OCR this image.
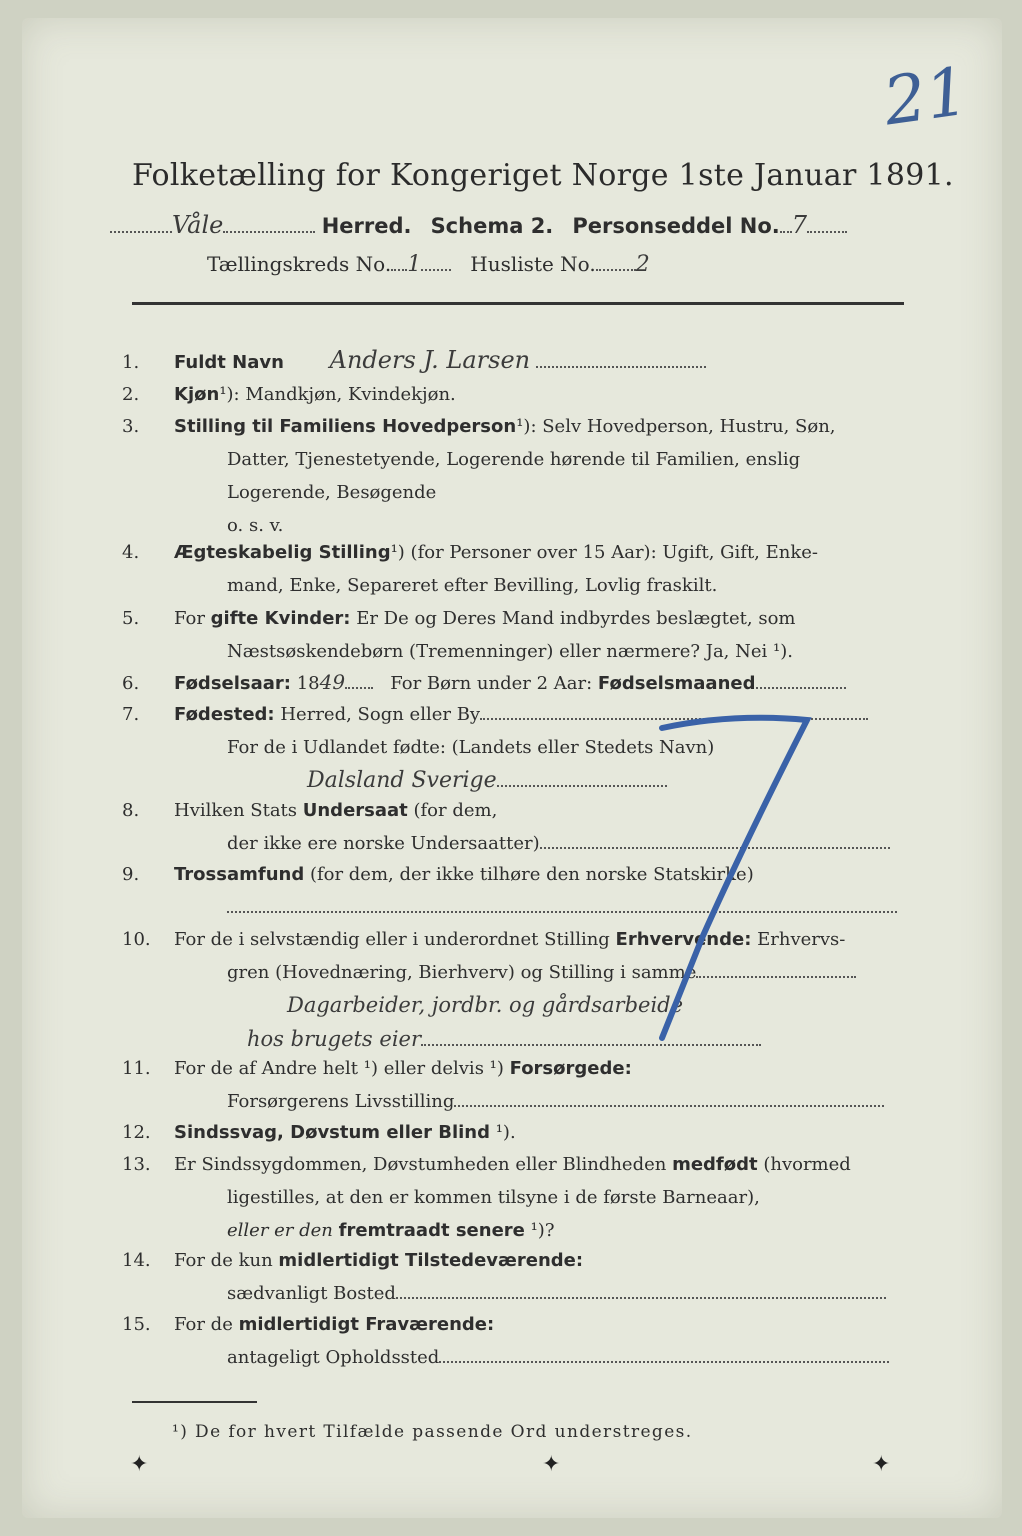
21
Folketælling for Kongeriget Norge 1ste Januar 1891.
Våle	Herred. Schema 2. Personseddel No. 7
Tællingskreds No. 1 Husliste No. 2
1. Fuldt Navn Anders J. Larsen
2. Kjøn¹): Mandkjøn, Kvindekjøn.
3. Stilling til Familiens Hovedperson¹): Selv Hovedperson, Hustru, Søn,
Datter, Tjenestetyende, Logerende hørende til Familien, enslig
Logerende, Besøgende
o. s. v.
4. Ægteskabelig Stilling¹) (for Personer over 15 Aar): Ugift, Gift, Enke-
mand, Enke, Separeret efter Bevilling, Lovlig fraskilt.
5. For gifte Kvinder: Er De og Deres Mand indbyrdes beslægtet, som
Næstsøskendebørn (Tremenninger) eller nærmere? Ja, Nei ¹).
6. Fødselsaar: 1849	For Børn under 2 Aar: Fødselsmaaned
7. Fødested: Herred, Sogn eller By
For de i Udlandet fødte: (Landets eller Stedets Navn)
Dalsland Sverige
8. Hvilken Stats Undersaat (for dem,
der ikke ere norske Undersaatter)
9. Trossamfund (for dem, der ikke tilhøre den norske Statskirke)

10. For de i selvstændig eller i underordnet Stilling Erhvervende: Erhvervs-
gren (Hovednæring, Bierhverv) og Stilling i samme
Dagarbeider, jordbr. og gårdsarbeide
hos brugets eier
11. For de af Andre helt ¹) eller delvis ¹) Forsørgede:
Forsørgerens Livsstilling
12. Sindssvag, Døvstum eller Blind ¹).
13. Er Sindssygdommen, Døvstumheden eller Blindheden medfødt (hvormed
ligestilles, at den er kommen tilsyne i de første Barneaar),
eller er den fremtraadt senere ¹)?
14. For de kun midlertidigt Tilstedeværende:
sædvanligt Bosted
15. For de midlertidigt Fraværende:
antageligt Opholdssted
¹) De for hvert Tilfælde passende Ord understreges.
✦	✦	✦
